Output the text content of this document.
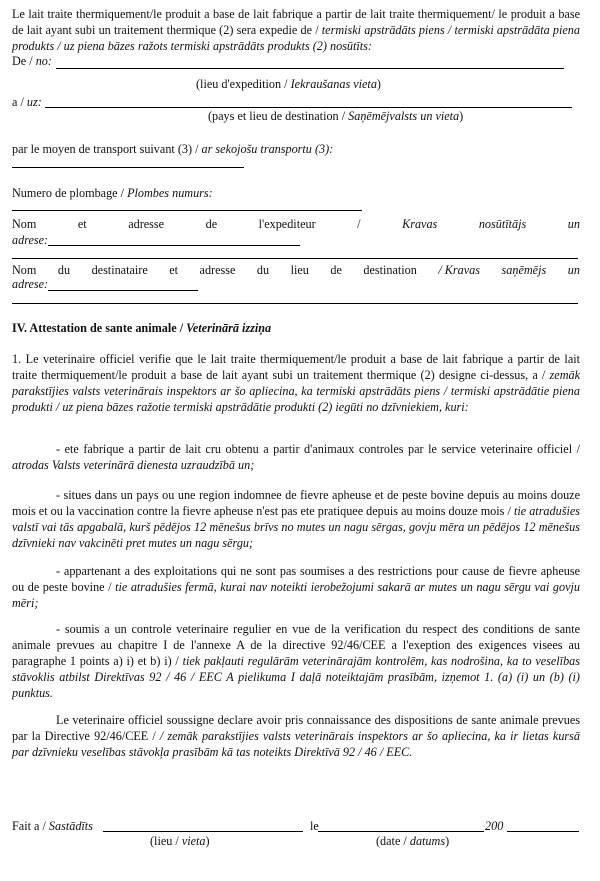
Le lait traite thermiquement/le produit a base de lait fabrique a partir de lait traite thermiquement/ le produit a base de lait ayant subi un traitement thermique (2) sera expedie de / termiski apstrādāts piens / termiski apstrādāta piena produkts / uz piena bāzes ražots termiski apstrādāts produkts (2) nosūtīts:
De / no:
(lieu d'expedition / Iekraušanas vieta)
a / uz:
(pays et lieu de destination / Saņēmējvalsts un vieta)
par le moyen de transport suivant (3) / ar sekojošu transportu (3):
Numero de plombage / Plombes numurs:
Nom	et	adresse	de	l'expediteur	/	Kravas	nosūtītājs	un
adrese:
Nom du destinataire et adresse du lieu de destination / Kravas saņēmējs un
adrese:
IV. Attestation de sante animale / Veterinārā izziņa
1. Le veterinaire officiel verifie que le lait traite thermiquement/le produit a base de lait fabrique a partir de lait traite thermiquement/le produit a base de lait ayant subi un traitement thermique (2) designe ci-dessus, a / zemāk parakstījies valsts veterinārais inspektors ar šo apliecina, ka termiski apstrādāts piens / termiski apstrādātie piena produkti / uz piena bāzes ražotie termiski apstrādātie produkti (2) iegūti no dzīvniekiem, kuri:
- ete fabrique a partir de lait cru obtenu a partir d'animaux controles par le service veterinaire officiel / atrodas Valsts veterinārā dienesta uzraudzībā un;
- situes dans un pays ou une region indomnee de fievre apheuse et de peste bovine depuis au moins douze mois et ou la vaccination contre la fievre apheuse n'est pas ete pratiquee depuis au moins douze mois / tie atradušies valstī vai tās apgabalā, kurš pēdējos 12 mēnešus brīvs no mutes un nagu sērgas, govju mēra un pēdējos 12 mēnešus dzīvnieki nav vakcinēti pret mutes un nagu sērgu;
- appartenant a des exploitations qui ne sont pas soumises a des restrictions pour cause de fievre apheuse ou de peste bovine / tie atradušies fermā, kurai nav noteikti ierobežojumi sakarā ar mutes un nagu sērgu vai govju mēri;
- soumis a un controle veterinaire regulier en vue de la verification du respect des conditions de sante animale prevues au chapitre I de l'annexe A de la directive 92/46/CEE a l'exeption des exigences visees au paragraphe 1 points a) i) et b) i) / tiek pakļauti regulārām veterinārajām kontrolēm, kas nodrošina, ka to veselības stāvoklis atbilst Direktīvas 92 / 46 / EEC A pielikuma I daļā noteiktajām prasībām, izņemot 1. (a) (i) un (b) (i) punktus.
Le veterinaire officiel soussigne declare avoir pris connaissance des dispositions de sante animale prevues par la Directive 92/46/CEE / / zemāk parakstījies valsts veterinārais inspektors ar šo apliecina, ka ir lietas kursā par dzīvnieku veselības stāvokļa prasībām kā tas noteikts Direktīvā 92 / 46 / EEC.
Fait a / Sastādīts	le	200
(lieu / vieta)	(date / datums)
